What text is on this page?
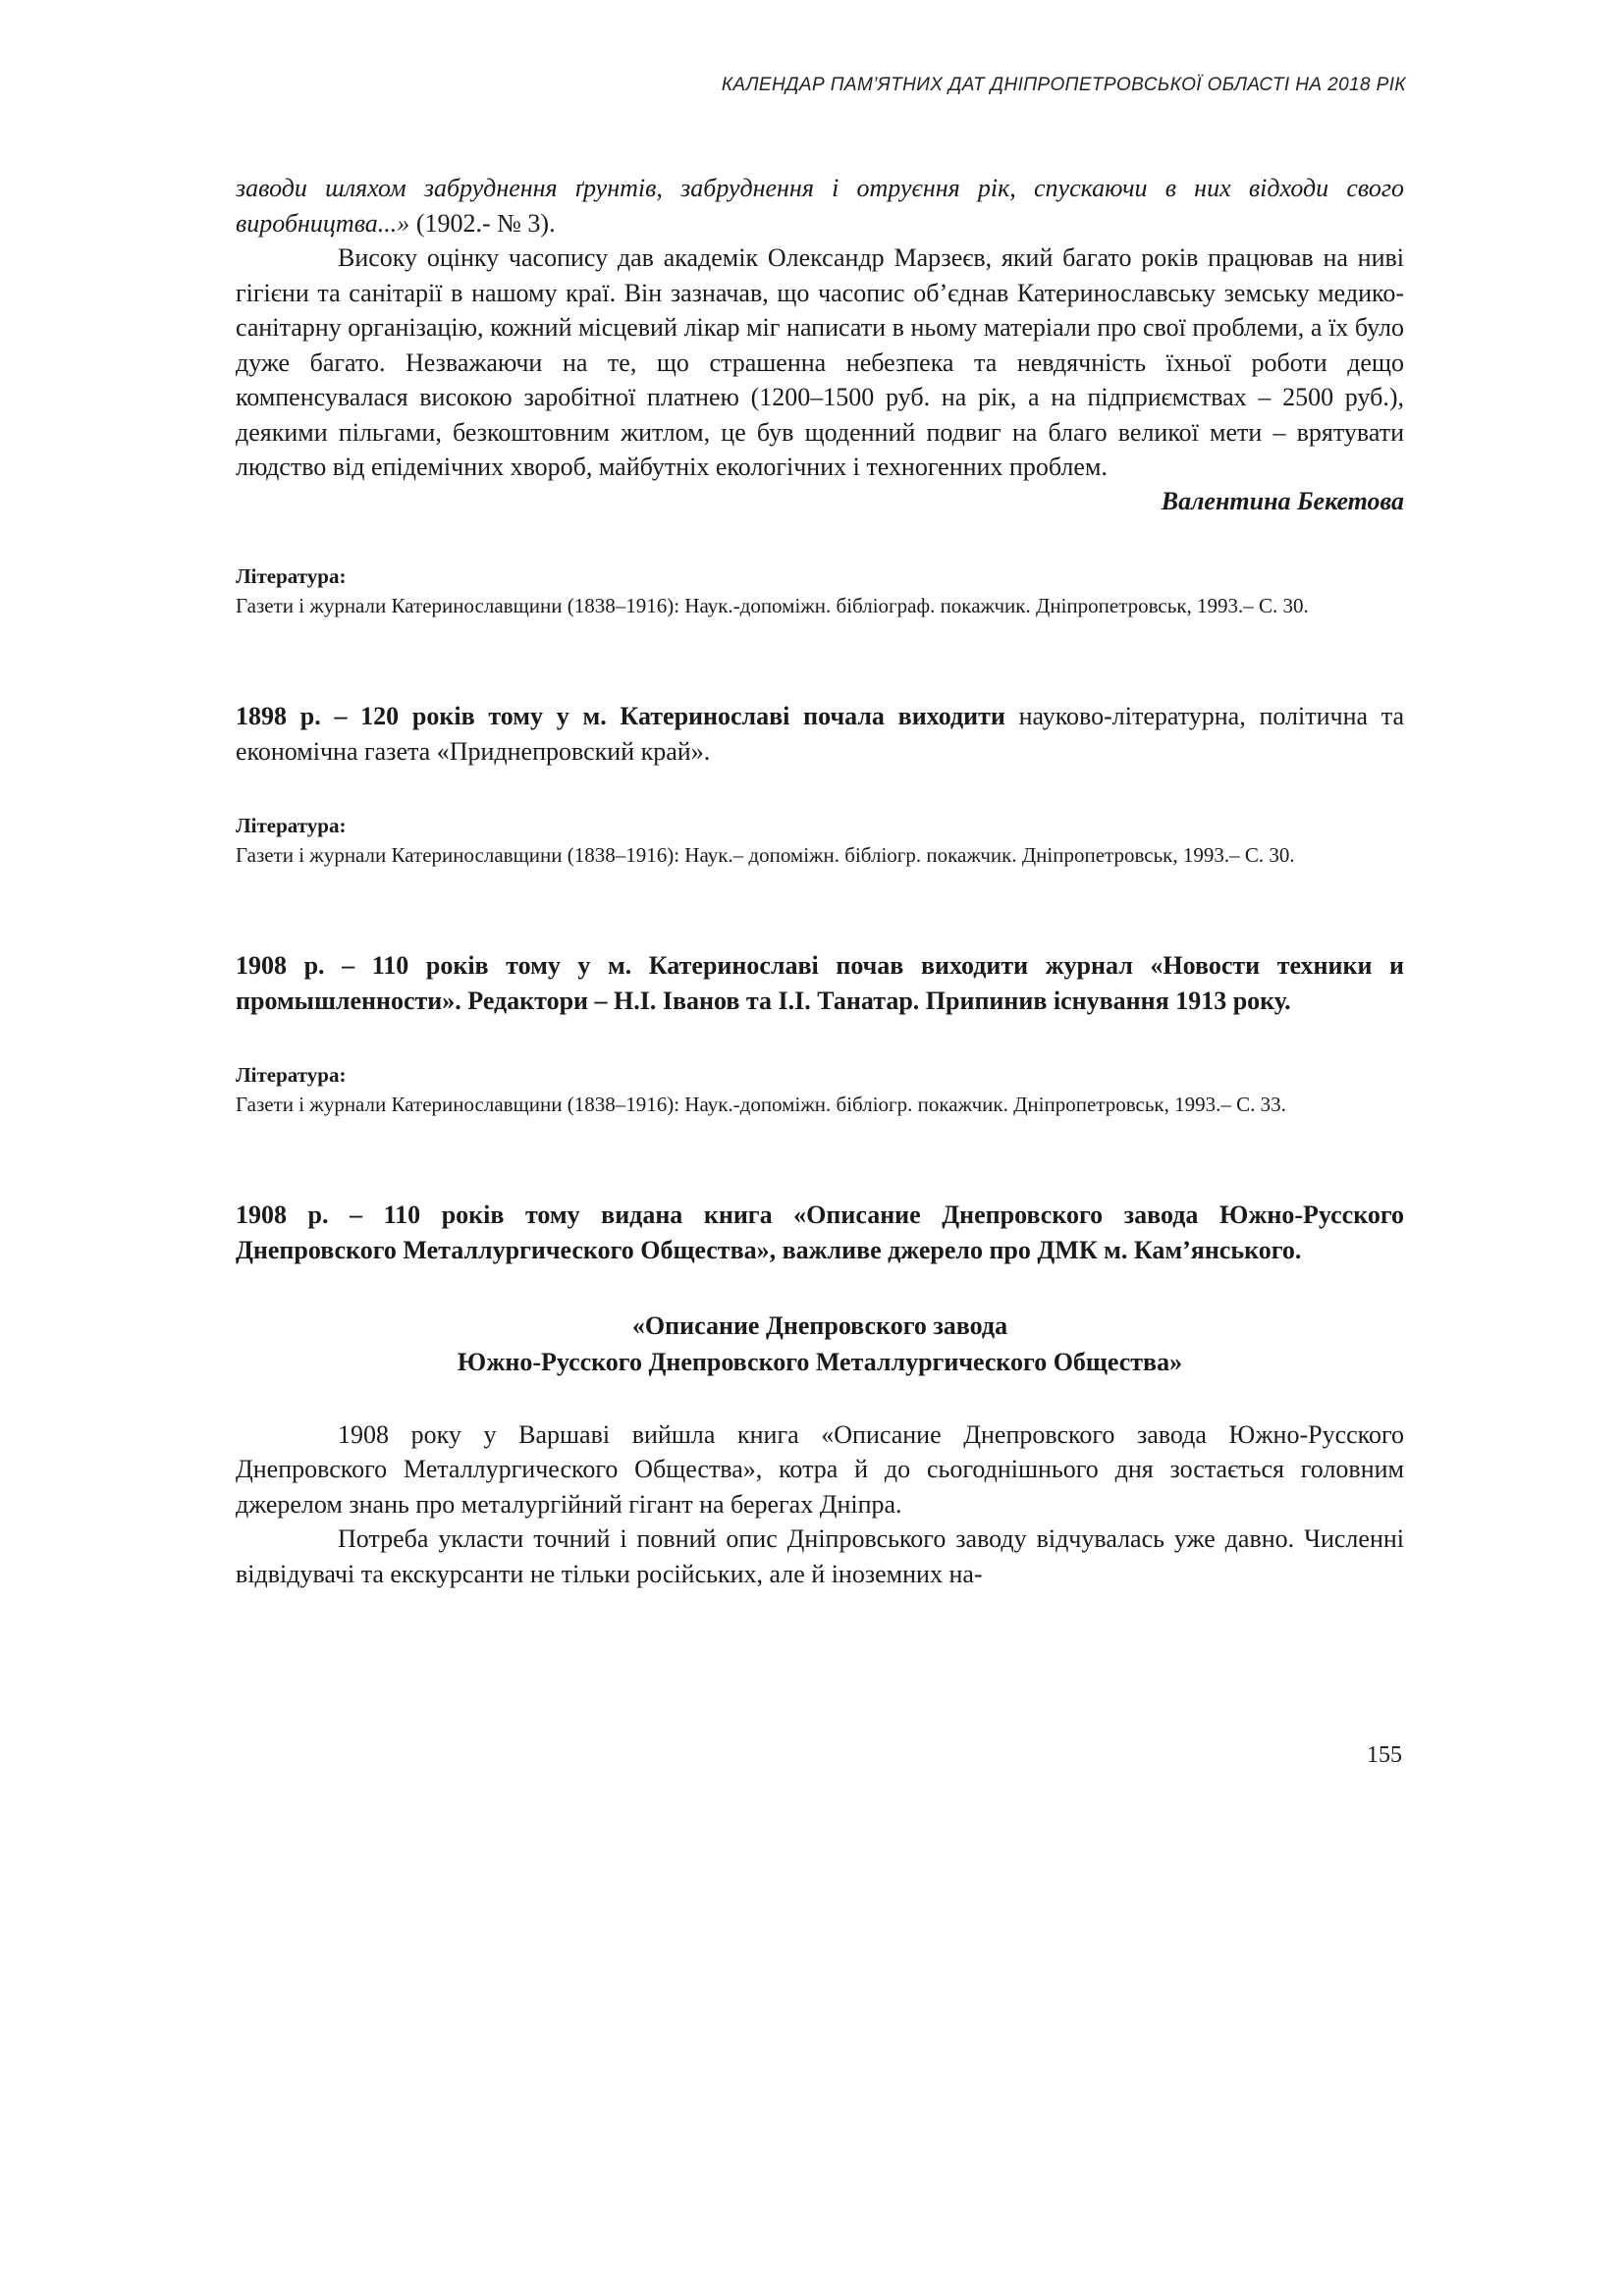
КАЛЕНДАР ПАМ’ЯТНИХ ДАТ ДНІПРОПЕТРОВСЬКОЇ ОБЛАСТІ НА 2018 РІК

заводи шляхом забруднення ґрунтів, забруднення і отруєння рік, спускаючи в них відходи свого виробництва...» (1902.- № 3).

Високу оцінку часопису дав академік Олександр Марзеєв, який багато років працював на ниві гігієни та санітарії в нашому краї. Він зазначав, що часопис об’єднав Катеринославську земську медико-санітарну організацію, кожний місцевий лікар міг написати в ньому матеріали про свої проблеми, а їх було дуже багато. Незважаючи на те, що страшенна небезпека та невдячність їхньої роботи дещо компенсувалася високою заробітної платнею (1200–1500 руб. на рік, а на підприємствах – 2500 руб.), деякими пільгами, безкоштовним житлом, це був щоденний подвиг на благо великої мети – врятувати людство від епідемічних хвороб, майбутніх екологічних і техногенних проблем.

Валентина Бекетова
Література:
Газети і журнали Катеринославщини (1838–1916): Наук.-допоміжн. бібліограф. покажчик. Дніпропетровськ, 1993.– С. 30.
1898 р. – 120 років тому у м. Катеринославі почала виходити науково-літературна, політична та економічна газета «Приднепровский край».
Література:
Газети і журнали Катеринославщини (1838–1916): Наук.– допоміжн. бібліогр. покажчик. Дніпропетровськ, 1993.– С. 30.
1908 р. – 110 років тому у м. Катеринославі почав виходити журнал «Новости техники и промышленности». Редактори – Н.І. Іванов та І.І. Танатар. Припинив існування 1913 року.
Література:
Газети і журнали Катеринославщини (1838–1916): Наук.-допоміжн. бібліогр. покажчик. Дніпропетровськ, 1993.– С. 33.
1908 р. – 110 років тому видана книга «Описание Днепровского завода Южно-Русского Днепровского Металлургического Общества», важливе джерело про ДМК м. Кам’янського.
«Описание Днепровского завода
Южно-Русского Днепровского Металлургического Общества»

1908 року у Варшаві вийшла книга «Описание Днепровского завода Южно-Русского Днепровского Металлургического Общества», котра й до сьогоднішнього дня зостається головним джерелом знань про металургійний гігант на берегах Дніпра.

Потреба укласти точний і повний опис Дніпровського заводу відчувалась уже давно. Численні відвідувачі та екскурсанти не тільки російських, але й іноземних на-

155
